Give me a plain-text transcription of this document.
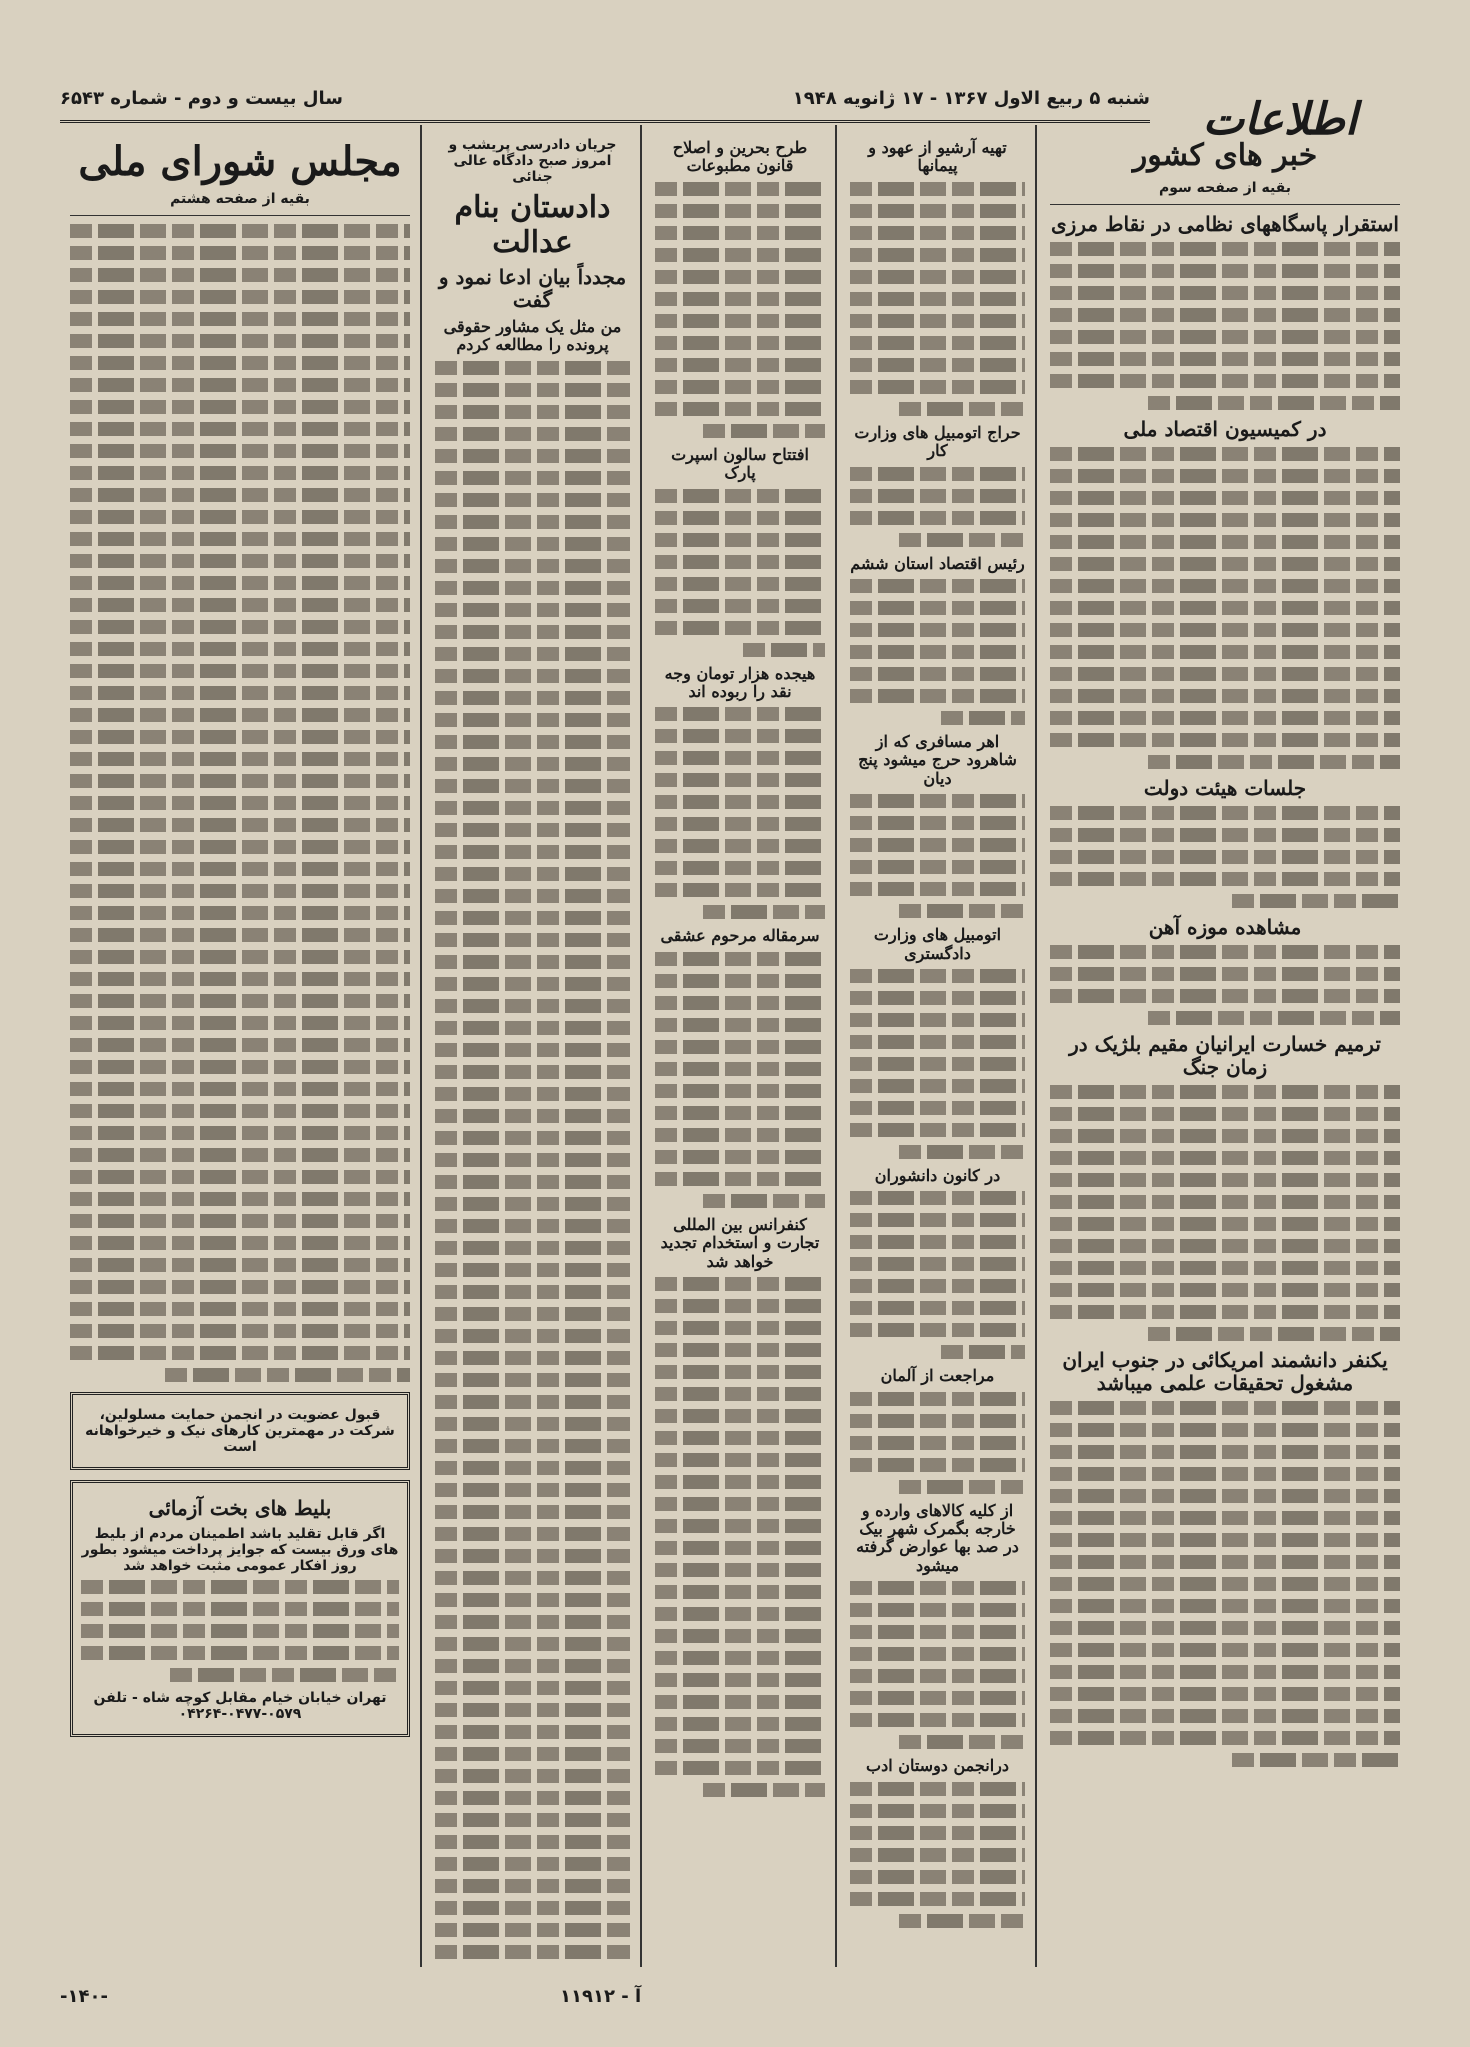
اطلاعات
شنبه ۵ ربیع الاول ۱۳۶۷ - ۱۷ ژانویه ۱۹۴۸
سال بیست و دوم - شماره ۶۵۴۳
خبر های کشور
بقیه از صفحه سوم
استقرار پاسگاههای نظامی در نقاط مرزی
در کمیسیون اقتصاد ملی
جلسات هیئت دولت
مشاهده موزه آهن
ترمیم خسارت ایرانیان مقیم بلژیک در زمان جنگ
یکنفر دانشمند امریکائی در جنوب ایران مشغول تحقیقات علمی میباشد
تهیه آرشیو از عهود و پیمانها
حراج اتومبیل های وزارت کار
رئیس اقتصاد استان ششم
اهر مسافری که از شاهرود حرج میشود پنج دیان
اتومبیل های وزارت دادگستری
در کانون دانشوران
مراجعت از آلمان
از کلیه کالاهای وارده و خارجه بگمرک شهر بیک در صد بها عوارض گرفته میشود
درانجمن دوستان ادب
طرح بحرین و اصلاح قانون مطبوعات
افتتاح سالون اسپرت پارک
هیجده هزار تومان وجه نقد را ربوده اند
سرمقاله مرحوم عشقی
کنفرانس بین المللی تجارت و استخدام تجدید خواهد شد
جریان دادرسی پریشب و امروز صبح دادگاه عالی جنائی
دادستان بنام عدالت
مجدداً بیان ادعا نمود و گفت
من مثل یک مشاور حقوقی پرونده را مطالعه کردم
مجلس شورای ملی
بقیه از صفحه هشتم
قبول عضویت در انجمن حمایت مسلولین، شرکت در مهمترین کارهای نیک و خیرخواهانه است
بلیط های بخت آزمائی
اگر قابل تقلید باشد اطمینان مردم از بلیط های ورق بیست که جوایز پرداخت میشود بطور روز افکار عمومی مثبت خواهد شد
تهران خیابان خیام مقابل کوچه شاه - تلفن ۰۵۷۹-۰۴۷۷-۰۴۲۶۴
-۱۴۰-	آ - ۱۱۹۱۲
